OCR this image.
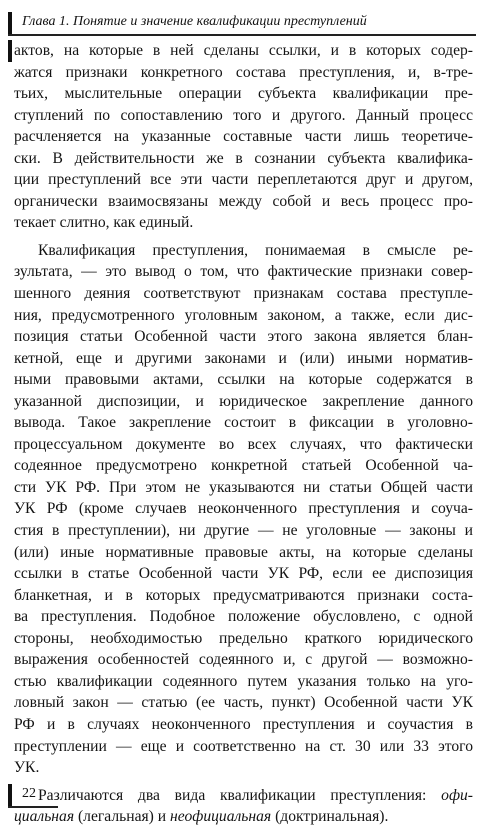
Глава 1. Понятие и значение квалификации преступлений
актов, на которые в ней сделаны ссылки, и в которых содер-
жатся признаки конкретного состава преступления, и, в-тре-
тьих, мыслительные операции субъекта квалификации пре-
ступлений по сопоставлению того и другого. Данный процесс
расчленяется на указанные составные части лишь теоретиче-
ски. В действительности же в сознании субъекта квалифика-
ции преступлений все эти части переплетаются друг и другом,
органически взаимосвязаны между собой и весь процесс про-
текает слитно, как единый.
Квалификация преступления, понимаемая в смысле ре-
зультата, — это вывод о том, что фактические признаки совер-
шенного деяния соответствуют признакам состава преступле-
ния, предусмотренного уголовным законом, а также, если дис-
позиция статьи Особенной части этого закона является блан-
кетной, еще и другими законами и (или) иными норматив-
ными правовыми актами, ссылки на которые содержатся в
указанной диспозиции, и юридическое закрепление данного
вывода. Такое закрепление состоит в фиксации в уголовно-
процессуальном документе во всех случаях, что фактически
содеянное предусмотрено конкретной статьей Особенной ча-
сти УК РФ. При этом не указываются ни статьи Общей части
УК РФ (кроме случаев неоконченного преступления и соуча-
стия в преступлении), ни другие — не уголовные — законы и
(или) иные нормативные правовые акты, на которые сделаны
ссылки в статье Особенной части УК РФ, если ее диспозиция
бланкетная, и в которых предусматриваются признаки соста-
ва преступления. Подобное положение обусловлено, с одной
стороны, необходимостью предельно краткого юридического
выражения особенностей содеянного и, с другой — возможно-
стью квалификации содеянного путем указания только на уго-
ловный закон — статью (ее часть, пункт) Особенной части УК
РФ и в случаях неоконченного преступления и соучастия в
преступлении — еще и соответственно на ст. 30 или 33 этого
УК.
Различаются два вида квалификации преступления: офи-
циальная (легальная) и неофициальная (доктринальная).
22
